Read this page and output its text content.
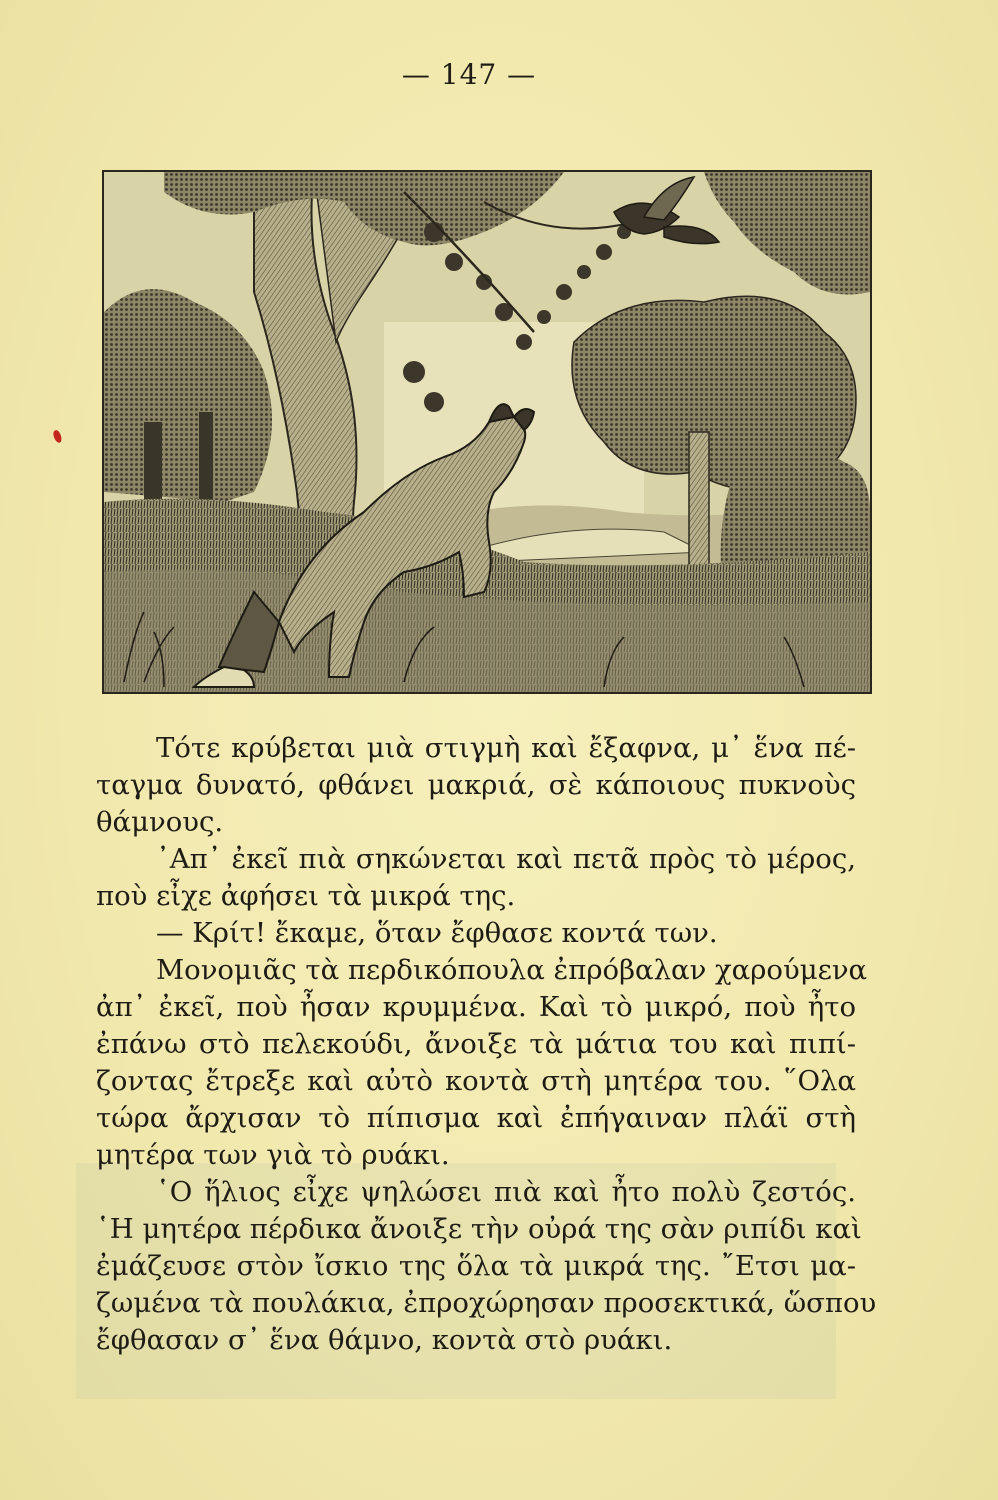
— 147 —

Τότε κρύβεται μιὰ στιγμὴ καὶ ἔξαφνα, μ᾽ ἕνα πέ-
ταγμα δυνατό, φθάνει μακριά, σὲ κάποιους πυκνοὺς
θάμνους.

᾽Απ᾽ ἐκεῖ πιὰ σηκώνεται καὶ πετᾶ πρὸς τὸ μέρος,
ποὺ εἶχε ἀφήσει τὰ μικρά της.

— Κρίτ! ἔκαμε, ὅταν ἔφθασε κοντά των.

Μονομιᾶς τὰ περδικόπουλα ἐπρόβαλαν χαρούμενα
ἀπ᾽ ἐκεῖ, ποὺ ἦσαν κρυμμένα. Καὶ τὸ μικρό, ποὺ ἦτο
ἐπάνω στὸ πελεκούδι, ἄνοιξε τὰ μάτια του καὶ πιπί-
ζοντας ἔτρεξε καὶ αὐτὸ κοντὰ στὴ μητέρα του. ῞Ολα
τώρα ἄρχισαν τὸ πίπισμα καὶ ἐπήγαιναν πλάϊ στὴ
μητέρα των γιὰ τὸ ρυάκι.

῾Ο ἥλιος εἶχε ψηλώσει πιὰ καὶ ἦτο πολὺ ζεστός.
῾Η μητέρα πέρδικα ἄνοιξε τὴν οὐρά της σὰν ριπίδι καὶ
ἐμάζευσε στὸν ἴσκιο της ὅλα τὰ μικρά της. ῎Ετσι μα-
ζωμένα τὰ πουλάκια, ἐπροχώρησαν προσεκτικά, ὥσπου
ἔφθασαν σ᾽ ἕνα θάμνο, κοντὰ στὸ ρυάκι.
